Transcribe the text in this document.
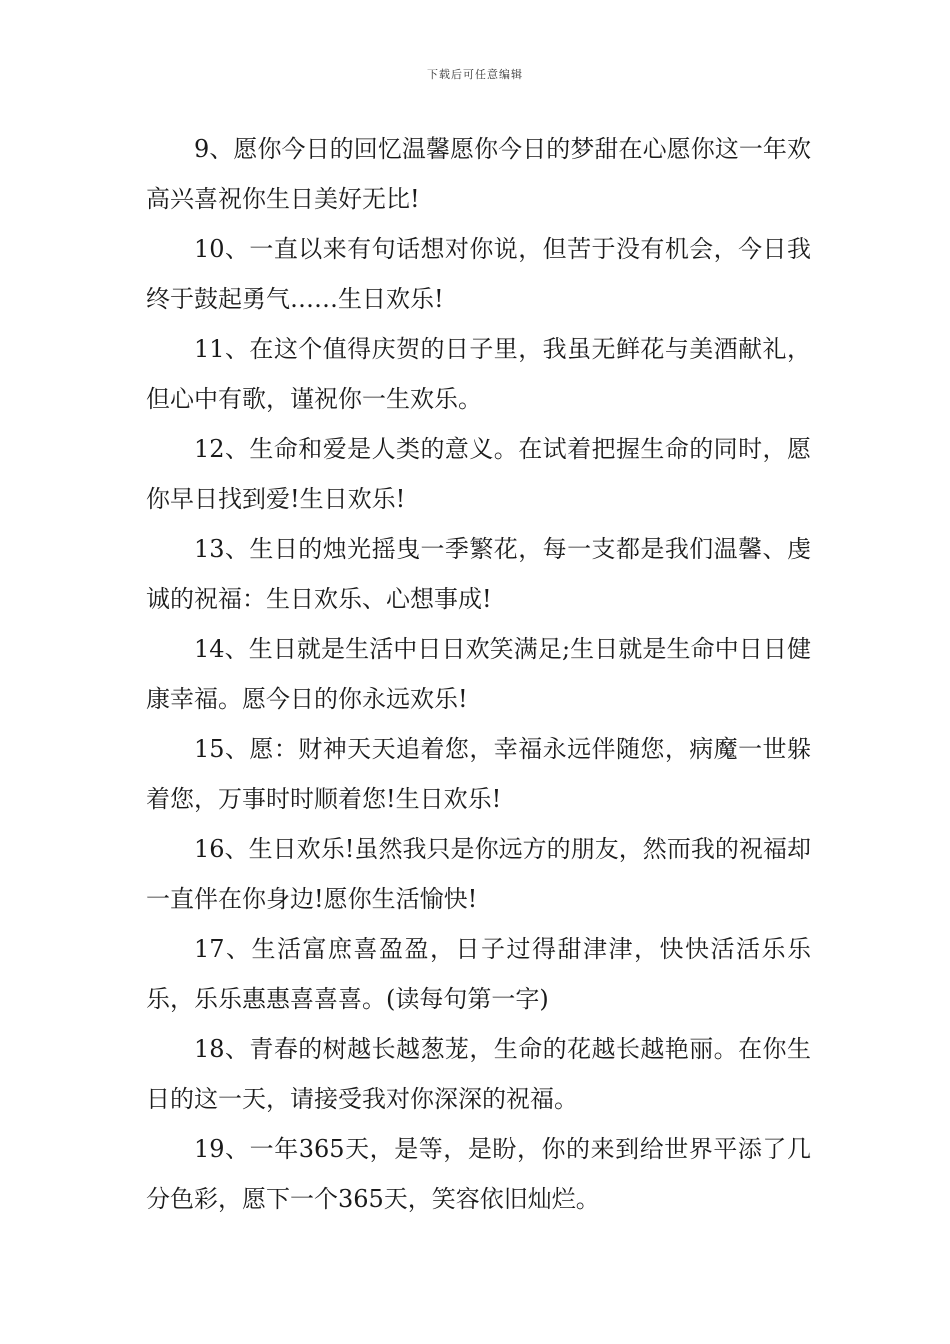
下载后可任意编辑

9、愿你今日的回忆温馨愿你今日的梦甜在心愿你这一年欢高兴喜祝你生日美好无比!

10、一直以来有句话想对你说，但苦于没有机会，今日我终于鼓起勇气……生日欢乐!

11、在这个值得庆贺的日子里，我虽无鲜花与美酒献礼，但心中有歌，谨祝你一生欢乐。

12、生命和爱是人类的意义。在试着把握生命的同时，愿你早日找到爱!生日欢乐!

13、生日的烛光摇曳一季繁花，每一支都是我们温馨、虔诚的祝福：生日欢乐、心想事成!

14、生日就是生活中日日欢笑满足;生日就是生命中日日健康幸福。愿今日的你永远欢乐!

15、愿：财神天天追着您，幸福永远伴随您，病魔一世躲着您，万事时时顺着您!生日欢乐!

16、生日欢乐!虽然我只是你远方的朋友，然而我的祝福却一直伴在你身边!愿你生活愉快!

17、生活富庶喜盈盈，日子过得甜津津，快快活活乐乐乐，乐乐惠惠喜喜喜。(读每句第一字)

18、青春的树越长越葱茏，生命的花越长越艳丽。在你生日的这一天，请接受我对你深深的祝福。

19、一年365天，是等，是盼，你的来到给世界平添了几分色彩，愿下一个365天，笑容依旧灿烂。
